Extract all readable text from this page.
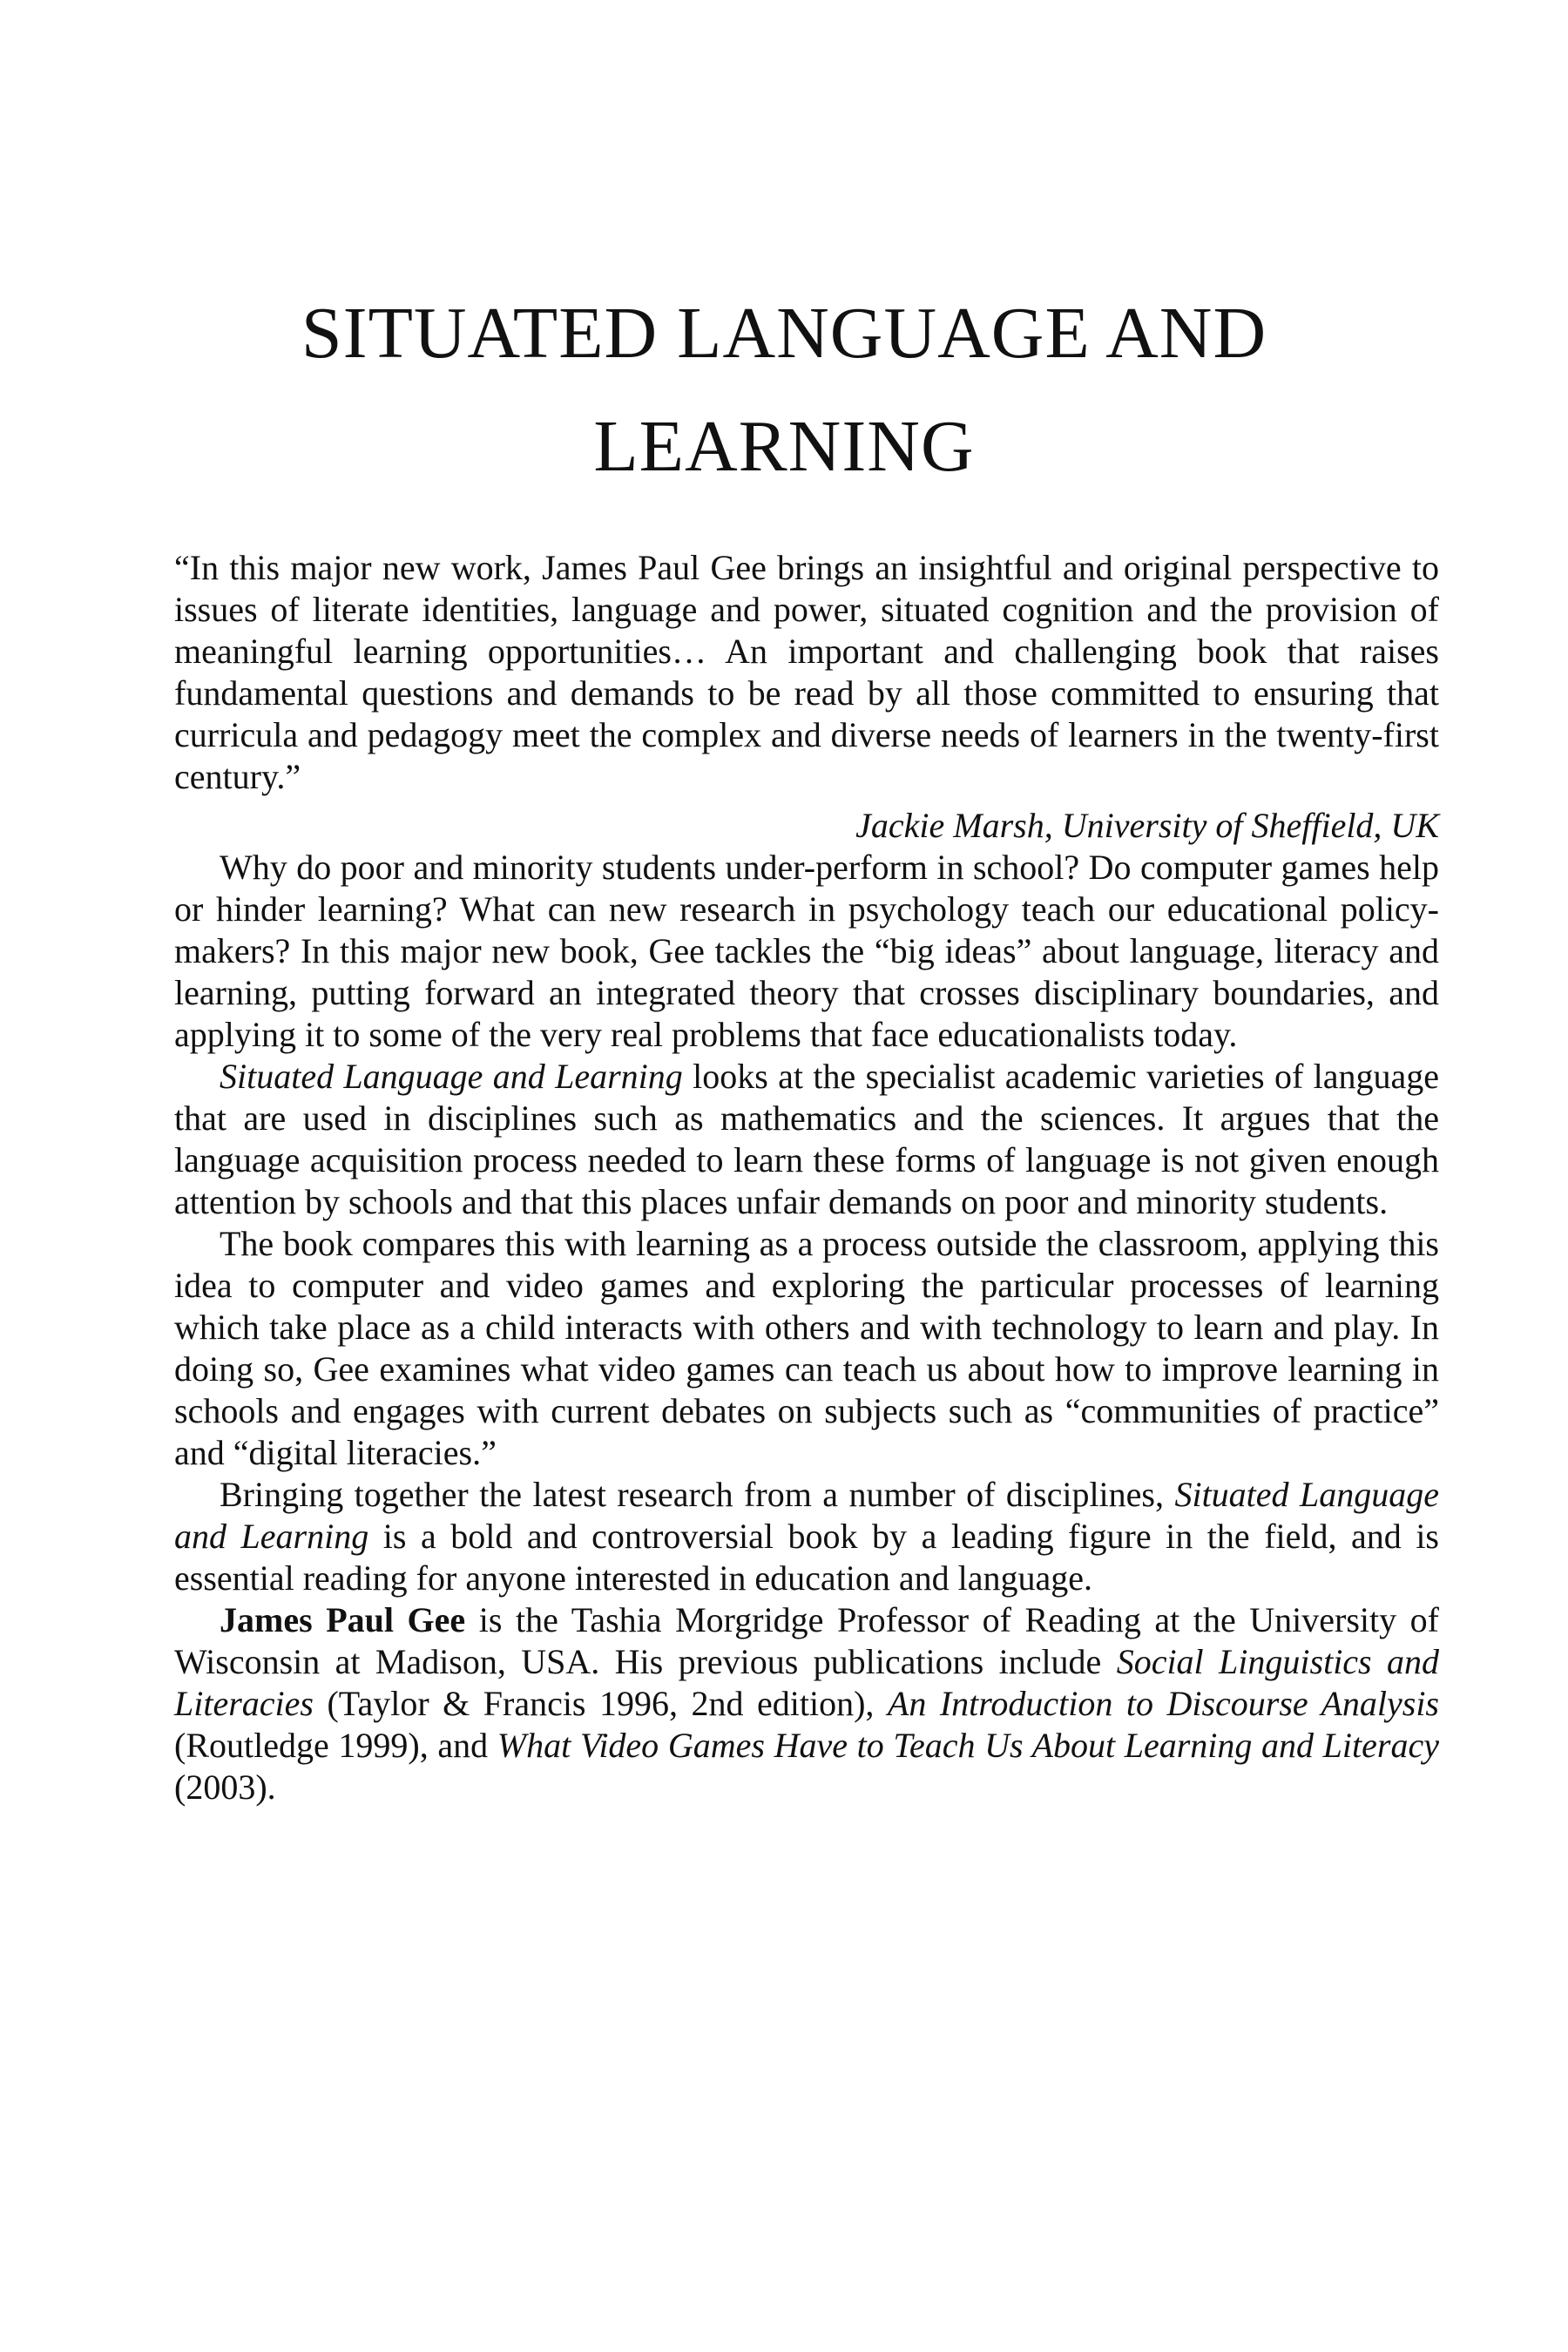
SITUATED LANGUAGE AND
LEARNING

“In this major new work, James Paul Gee brings an insightful and original perspective to issues of literate identities, language and power, situated cognition and the provision of meaningful learning opportunities… An important and challenging book that raises fundamental questions and demands to be read by all those committed to ensuring that curricula and pedagogy meet the complex and diverse needs of learners in the twenty-first century.”

Jackie Marsh, University of Sheffield, UK

Why do poor and minority students under-perform in school? Do computer games help or hinder learning? What can new research in psychology teach our educational policy-makers? In this major new book, Gee tackles the “big ideas” about language, literacy and learning, putting forward an integrated theory that crosses disciplinary boundaries, and applying it to some of the very real problems that face educationalists today.

Situated Language and Learning looks at the specialist academic varieties of language that are used in disciplines such as mathematics and the sciences. It argues that the language acquisition process needed to learn these forms of language is not given enough attention by schools and that this places unfair demands on poor and minority students.

The book compares this with learning as a process outside the classroom, applying this idea to computer and video games and exploring the particular processes of learning which take place as a child interacts with others and with technology to learn and play. In doing so, Gee examines what video games can teach us about how to improve learning in schools and engages with current debates on subjects such as “communities of practice” and “digital literacies.”

Bringing together the latest research from a number of disciplines, Situated Language and Learning is a bold and controversial book by a leading figure in the field, and is essential reading for anyone interested in education and language.

James Paul Gee is the Tashia Morgridge Professor of Reading at the University of Wisconsin at Madison, USA. His previous publications include Social Linguistics and Literacies (Taylor & Francis 1996, 2nd edition), An Introduction to Discourse Analysis (Routledge 1999), and What Video Games Have to Teach Us About Learning and Literacy (2003).
